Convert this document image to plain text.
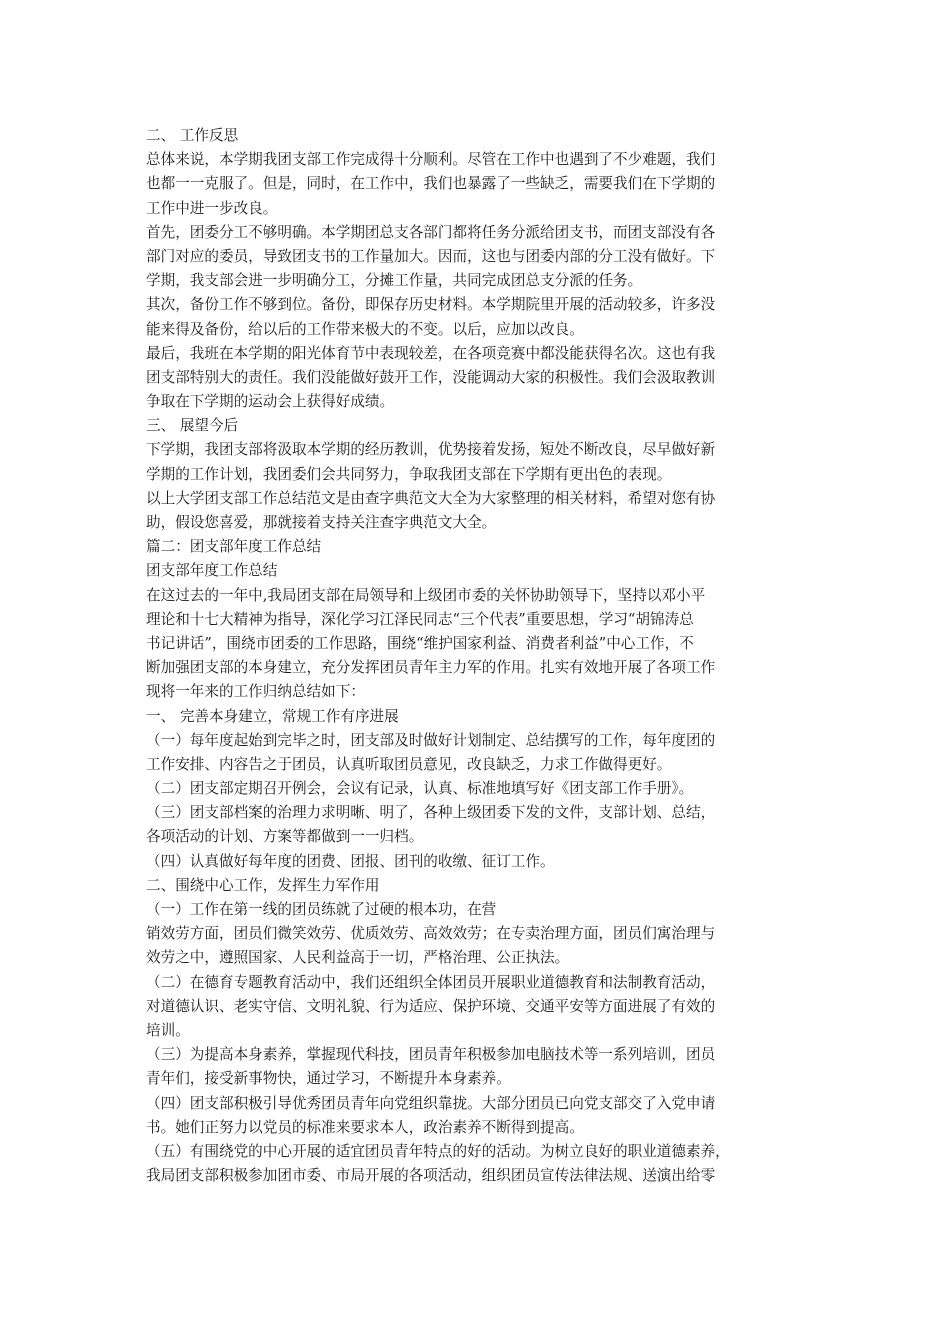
二、 工作反思
总体来说，本学期我团支部工作完成得十分顺利。尽管在工作中也遇到了不少难题，我们
也都一一克服了。但是，同时，在工作中，我们也暴露了一些缺乏，需要我们在下学期的
工作中进一步改良。
首先，团委分工不够明确。本学期团总支各部门都将任务分派给团支书，而团支部没有各
部门对应的委员，导致团支书的工作量加大。因而，这也与团委内部的分工没有做好。下
学期，我支部会进一步明确分工，分摊工作量，共同完成团总支分派的任务。
其次，备份工作不够到位。备份，即保存历史材料。本学期院里开展的活动较多，许多没
能来得及备份，给以后的工作带来极大的不变。以后，应加以改良。
最后，我班在本学期的阳光体育节中表现较差，在各项竞赛中都没能获得名次。这也有我
团支部特别大的责任。我们没能做好鼓开工作，没能调动大家的积极性。我们会汲取教训
争取在下学期的运动会上获得好成绩。
三、 展望今后
下学期，我团支部将汲取本学期的经历教训，优势接着发扬，短处不断改良，尽早做好新
学期的工作计划，我团委们会共同努力，争取我团支部在下学期有更出色的表现。
以上大学团支部工作总结范文是由查字典范文大全为大家整理的相关材料，希望对您有协
助，假设您喜爱，那就接着支持关注查字典范文大全。
篇二：团支部年度工作总结
团支部年度工作总结
在这过去的一年中,我局团支部在局领导和上级团市委的关怀协助领导下，坚持以邓小平
理论和十七大精神为指导，深化学习江泽民同志“三个代表”重要思想，学习“胡锦涛总
书记讲话”，围绕市团委的工作思路，围绕“维护国家利益、消费者利益”中心工作，不
断加强团支部的本身建立，充分发挥团员青年主力军的作用。扎实有效地开展了各项工作
现将一年来的工作归纳总结如下：
一、 完善本身建立，常规工作有序进展
（一）每年度起始到完毕之时，团支部及时做好计划制定、总结撰写的工作，每年度团的
工作安排、内容告之于团员，认真听取团员意见，改良缺乏，力求工作做得更好。
（二）团支部定期召开例会，会议有记录，认真、标准地填写好《团支部工作手册》。
（三）团支部档案的治理力求明晰、明了，各种上级团委下发的文件，支部计划、总结，
各项活动的计划、方案等都做到一一归档。
（四）认真做好每年度的团费、团报、团刊的收缴、征订工作。
二、围绕中心工作，发挥生力军作用
（一）工作在第一线的团员练就了过硬的根本功，在营
销效劳方面，团员们微笑效劳、优质效劳、高效效劳；在专卖治理方面，团员们寓治理与
效劳之中，遵照国家、人民利益高于一切，严格治理、公正执法。
（二）在德育专题教育活动中，我们还组织全体团员开展职业道德教育和法制教育活动，
对道德认识、老实守信、文明礼貌、行为适应、保护环境、交通平安等方面进展了有效的
培训。
（三）为提高本身素养，掌握现代科技，团员青年积极参加电脑技术等一系列培训，团员
青年们，接受新事物快，通过学习，不断提升本身素养。
（四）团支部积极引导优秀团员青年向党组织靠拢。大部分团员已向党支部交了入党申请
书。她们正努力以党员的标准来要求本人，政治素养不断得到提高。
（五）有围绕党的中心开展的适宜团员青年特点的好的活动。为树立良好的职业道德素养，
我局团支部积极参加团市委、市局开展的各项活动，组织团员宣传法律法规、送演出给零
